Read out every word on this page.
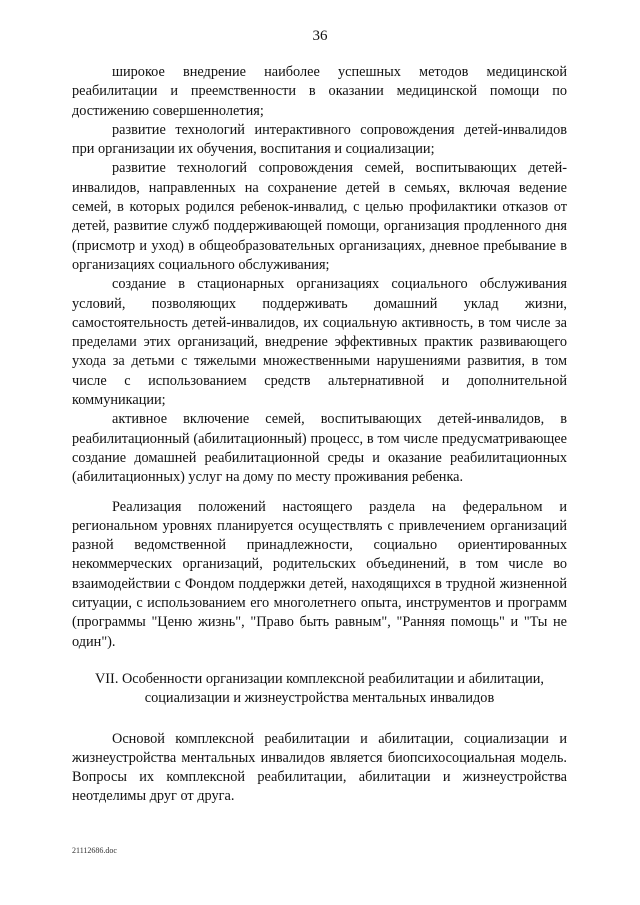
36

широкое внедрение наиболее успешных методов медицинской реабилитации и преемственности в оказании медицинской помощи по достижению совершеннолетия;

развитие технологий интерактивного сопровождения детей-инвалидов при организации их обучения, воспитания и социализации;

развитие технологий сопровождения семей, воспитывающих детей-инвалидов, направленных на сохранение детей в семьях, включая ведение семей, в которых родился ребенок-инвалид, с целью профилактики отказов от детей, развитие служб поддерживающей помощи, организация продленного дня (присмотр и уход) в общеобразовательных организациях, дневное пребывание в организациях социального обслуживания;

создание в стационарных организациях социального обслуживания условий, позволяющих поддерживать домашний уклад жизни, самостоятельность детей-инвалидов, их социальную активность, в том числе за пределами этих организаций, внедрение эффективных практик развивающего ухода за детьми с тяжелыми множественными нарушениями развития, в том числе с использованием средств альтернативной и дополнительной коммуникации;

активное включение семей, воспитывающих детей-инвалидов, в реабилитационный (абилитационный) процесс, в том числе предусматривающее создание домашней реабилитационной среды и оказание реабилитационных (абилитационных) услуг на дому по месту проживания ребенка.

Реализация положений настоящего раздела на федеральном и региональном уровнях планируется осуществлять с привлечением организаций разной ведомственной принадлежности, социально ориентированных некоммерческих организаций, родительских объединений, в том числе во взаимодействии с Фондом поддержки детей, находящихся в трудной жизненной ситуации, с использованием его многолетнего опыта, инструментов и программ (программы "Ценю жизнь", "Право быть равным", "Ранняя помощь" и "Ты не один").

VII. Особенности организации комплексной реабилитации и абилитации,
социализации и жизнеустройства ментальных инвалидов

Основой комплексной реабилитации и абилитации, социализации и жизнеустройства ментальных инвалидов является биопсихосоциальная модель. Вопросы их комплексной реабилитации, абилитации и жизнеустройства неотделимы друг от друга.

21112686.doc
